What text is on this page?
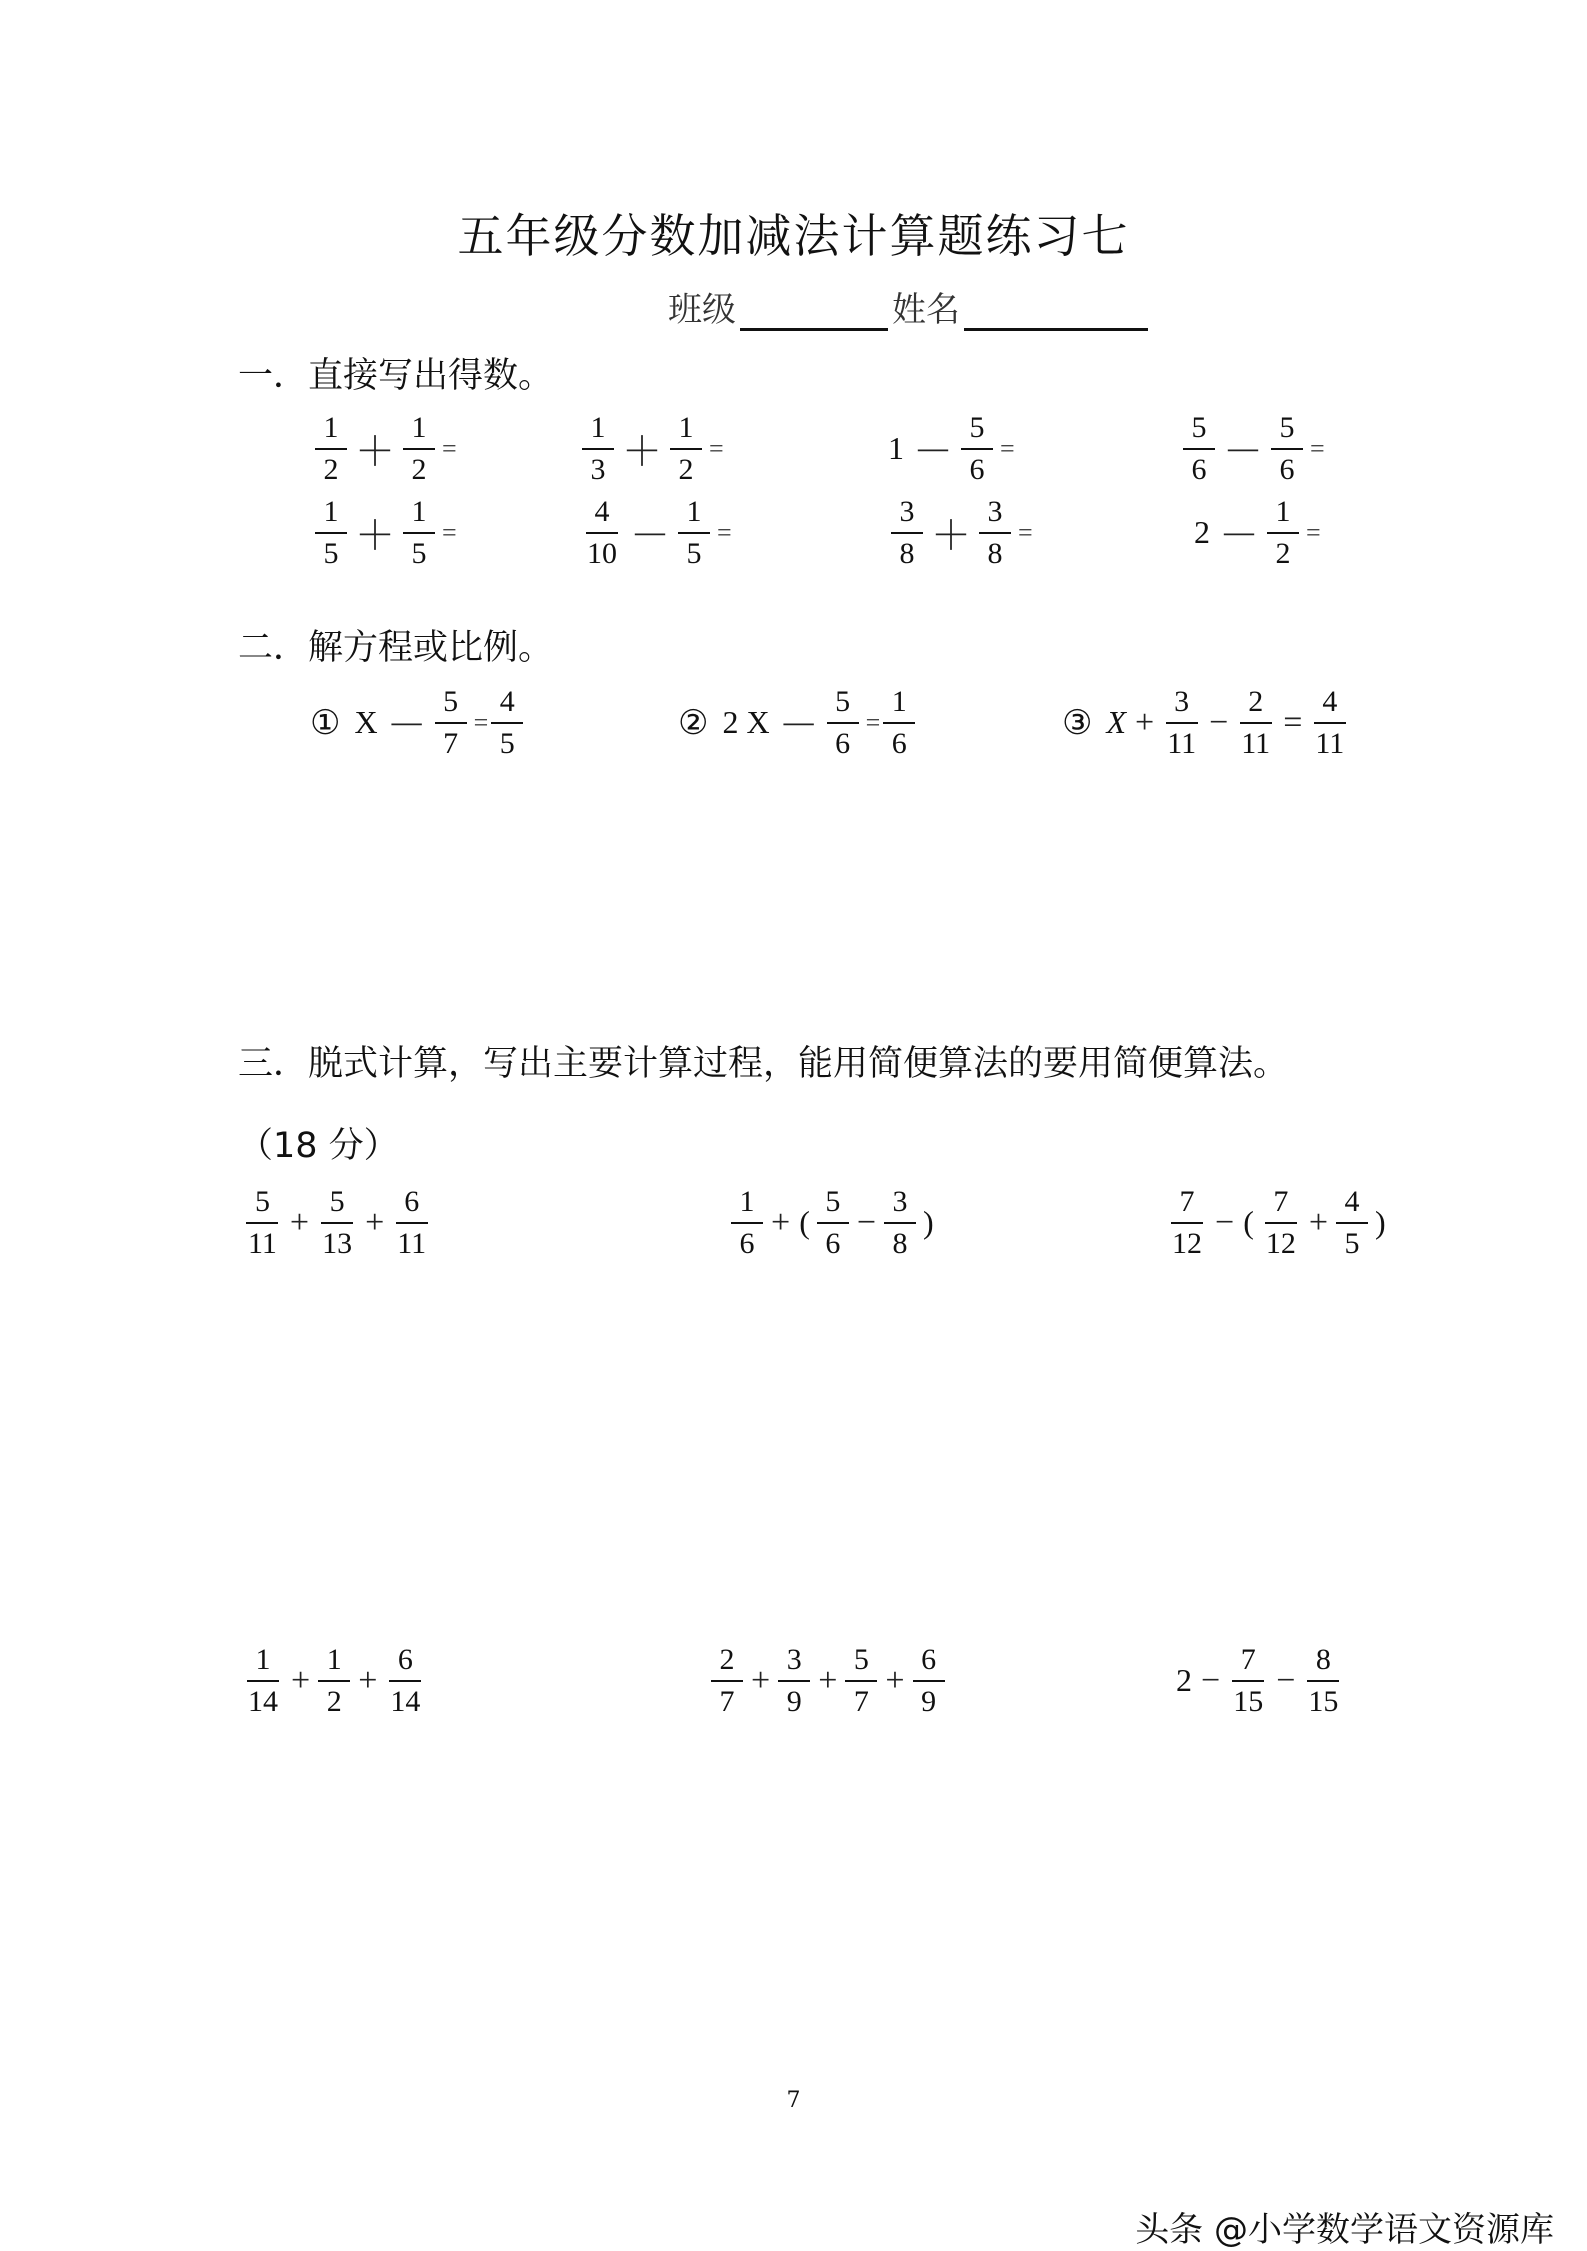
五年级分数加减法计算题练习七
班级	姓名
一．直接写出得数。
$\frac{1}{2} + \frac{1}{2}$ =	$\frac{1}{3} + \frac{1}{2}$ =	$1 - \frac{5}{6}$ =	$\frac{5}{6} - \frac{5}{6}$ =
$\frac{1}{5} + \frac{1}{5}$ =	$\frac{4}{10} - \frac{1}{5}$ =	$\frac{3}{8} + \frac{3}{8}$ =	$2 - \frac{1}{2}$ =
二．解方程或比例。
① $X - \frac{5}{7} = \frac{4}{5}$	② 2 $X - \frac{5}{6} = \frac{1}{6}$	③ $X + \frac{3}{11} - \frac{2}{11} = \frac{4}{11}$
三．脱式计算，写出主要计算过程，能用简便算法的要用简便算法。
（18 分）
$\frac{5}{11} + \frac{5}{13} + \frac{6}{11}$	$\frac{1}{6}$ + ( $\frac{5}{6} - \frac{3}{8}$ )	$\frac{7}{12}$ − ( $\frac{7}{12} + \frac{4}{5}$ )
$\frac{1}{14} + \frac{1}{2} + \frac{6}{14}$	$\frac{2}{7} + \frac{3}{9} + \frac{5}{7} + \frac{6}{9}$	$2 - \frac{7}{15} - \frac{8}{15}$
7
头条 @小学数学语文资源库
